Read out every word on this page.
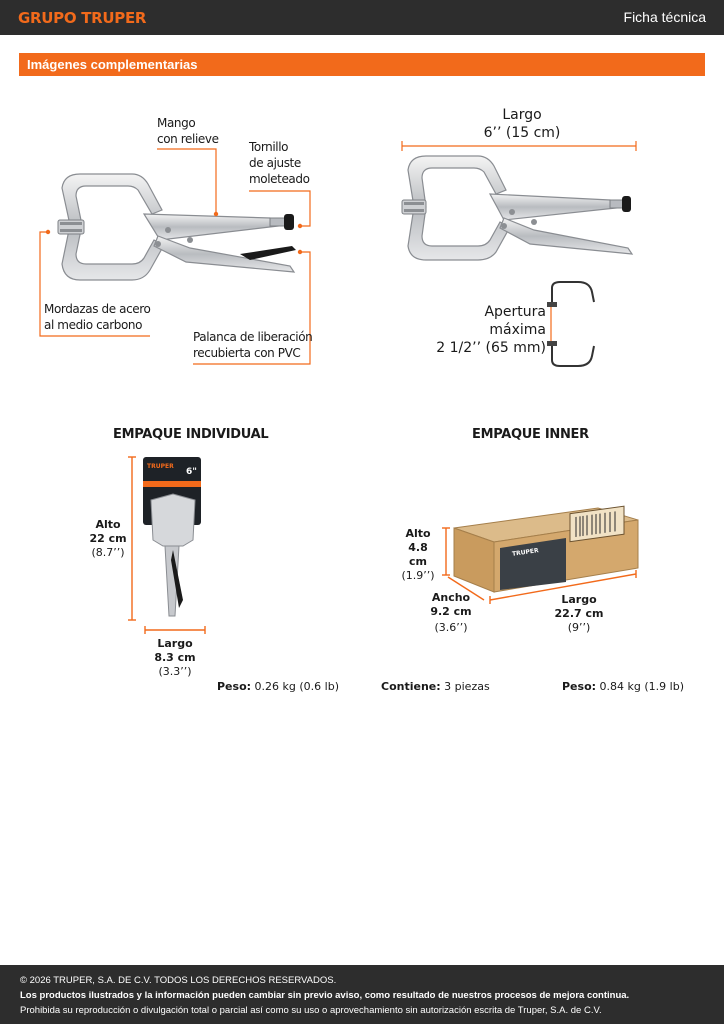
GRUPO TRUPER	Ficha técnica
Imágenes complementarias
Mango
con relieve
Tornillo
de ajuste
moleteado
Mordazas de acero
al medio carbono
Palanca de liberación
recubierta con PVC
Largo
6’’ (15 cm)
Apertura máxima
2 1/2’’ (65 mm)
EMPAQUE INDIVIDUAL
TRUPER
6"
Alto
22 cm
(8.7’’)
Largo
8.3 cm
(3.3’’)
Peso: 0.26 kg (0.6 lb)
EMPAQUE INNER
TRUPER
Alto
4.8 cm
(1.9’’)
Ancho
9.2 cm
(3.6’’)
Largo
22.7 cm
(9’’)
Contiene: 3 piezas	Peso: 0.84 kg (1.9 lb)

© 2026 TRUPER, S.A. DE C.V. TODOS LOS DERECHOS RESERVADOS.

Los productos ilustrados y la información pueden cambiar sin previo aviso, como resultado de nuestros procesos de mejora continua.

Prohibida su reproducción o divulgación total o parcial así como su uso o aprovechamiento sin autorización escrita de Truper, S.A. de C.V.
